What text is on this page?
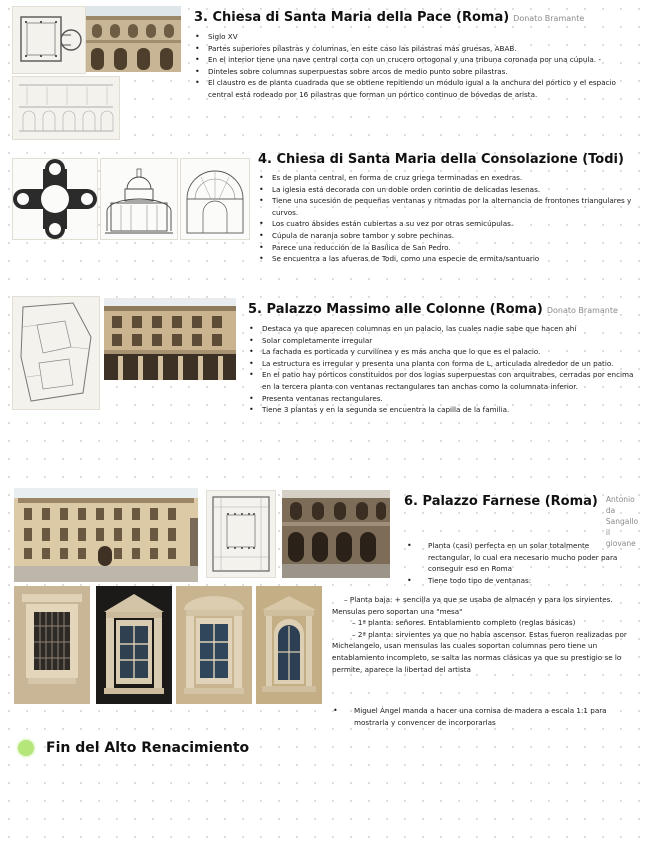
3. Chiesa di Santa Maria della Pace (Roma) Donato Bramante
• Siglo XV
• Partes superiores pilastras y columnas, en este caso las pilastras más gruesas, ABAB.
• En el interior tiene una nave central corta con un crucero ortogonal y una tribuna coronada por una cúpula. -
• Dinteles sobre columnas superpuestas sobre arcos de medio punto sobre pilastras.
• El claustro es de planta cuadrada que se obtiene repitiendo un módulo igual a la anchura del pórtico y el espacio central está rodeado por 16 pilastras que forman un pórtico continuo de bóvedas de arista.
4. Chiesa di Santa Maria della Consolazione (Todi)
• Es de planta central, en forma de cruz griega terminadas en exedras.
• La iglesia está decorada con un doble orden corintio de delicadas lesenas.
• Tiene una sucesión de pequeñas ventanas y ritmadas por la alternancia de frontones triangulares y curvos.
• Los cuatro ábsides están cubiertas a su vez por otras semicúpulas.
• Cúpula de naranja sobre tambor y sobre pechinas.
• Parece una reducción de la Basílica de San Pedro.
• Se encuentra a las afueras de Todi, como una especie de ermita/santuario
5. Palazzo Massimo alle Colonne (Roma) Donato Bramante
• Destaca ya que aparecen columnas en un palacio, las cuales nadie sabe que hacen ahí
• Solar completamente irregular
• La fachada es porticada y curvilínea y es más ancha que lo que es el palacio.
• La estructura es irregular y presenta una planta con forma de L, articulada alrededor de un patio.
• En el patio hay pórticos constituidos por dos logias superpuestas con arquitrabes, cerradas por encima en la tercera planta con ventanas rectangulares tan anchas como la columnata inferior.
• Presenta ventanas rectangulares.
• Tiene 3 plantas y en la segunda se encuentra la capilla de la familia.
6. Palazzo Farnese (Roma) Antonio da
Sangallo il
giovane
• Planta (casi) perfecta en un solar totalmente rectangular, lo cual era necesario mucho poder para conseguir eso en Roma
• Tiene todo tipo de ventanas:

– Planta baja: + sencilla ya que se usaba de almacén y para los sirvientes. Mensulas pero soportan una "mesa"

– 1ª planta: señores. Entablamiento completo (reglas básicas)

– 2ª planta: sirvientes ya que no había ascensor. Estas fueron realizadas por Michelangelo, usan mensulas las cuales soportan columnas pero tiene un entablamiento incompleto, se salta las normas clásicas ya que su prestigio se lo permite, aparece la libertad del artista

• Miguel Ángel manda a hacer una cornisa de madera a escala 1:1 para mostrarla y convencer de incorporarlas
Fin del Alto Renacimiento
